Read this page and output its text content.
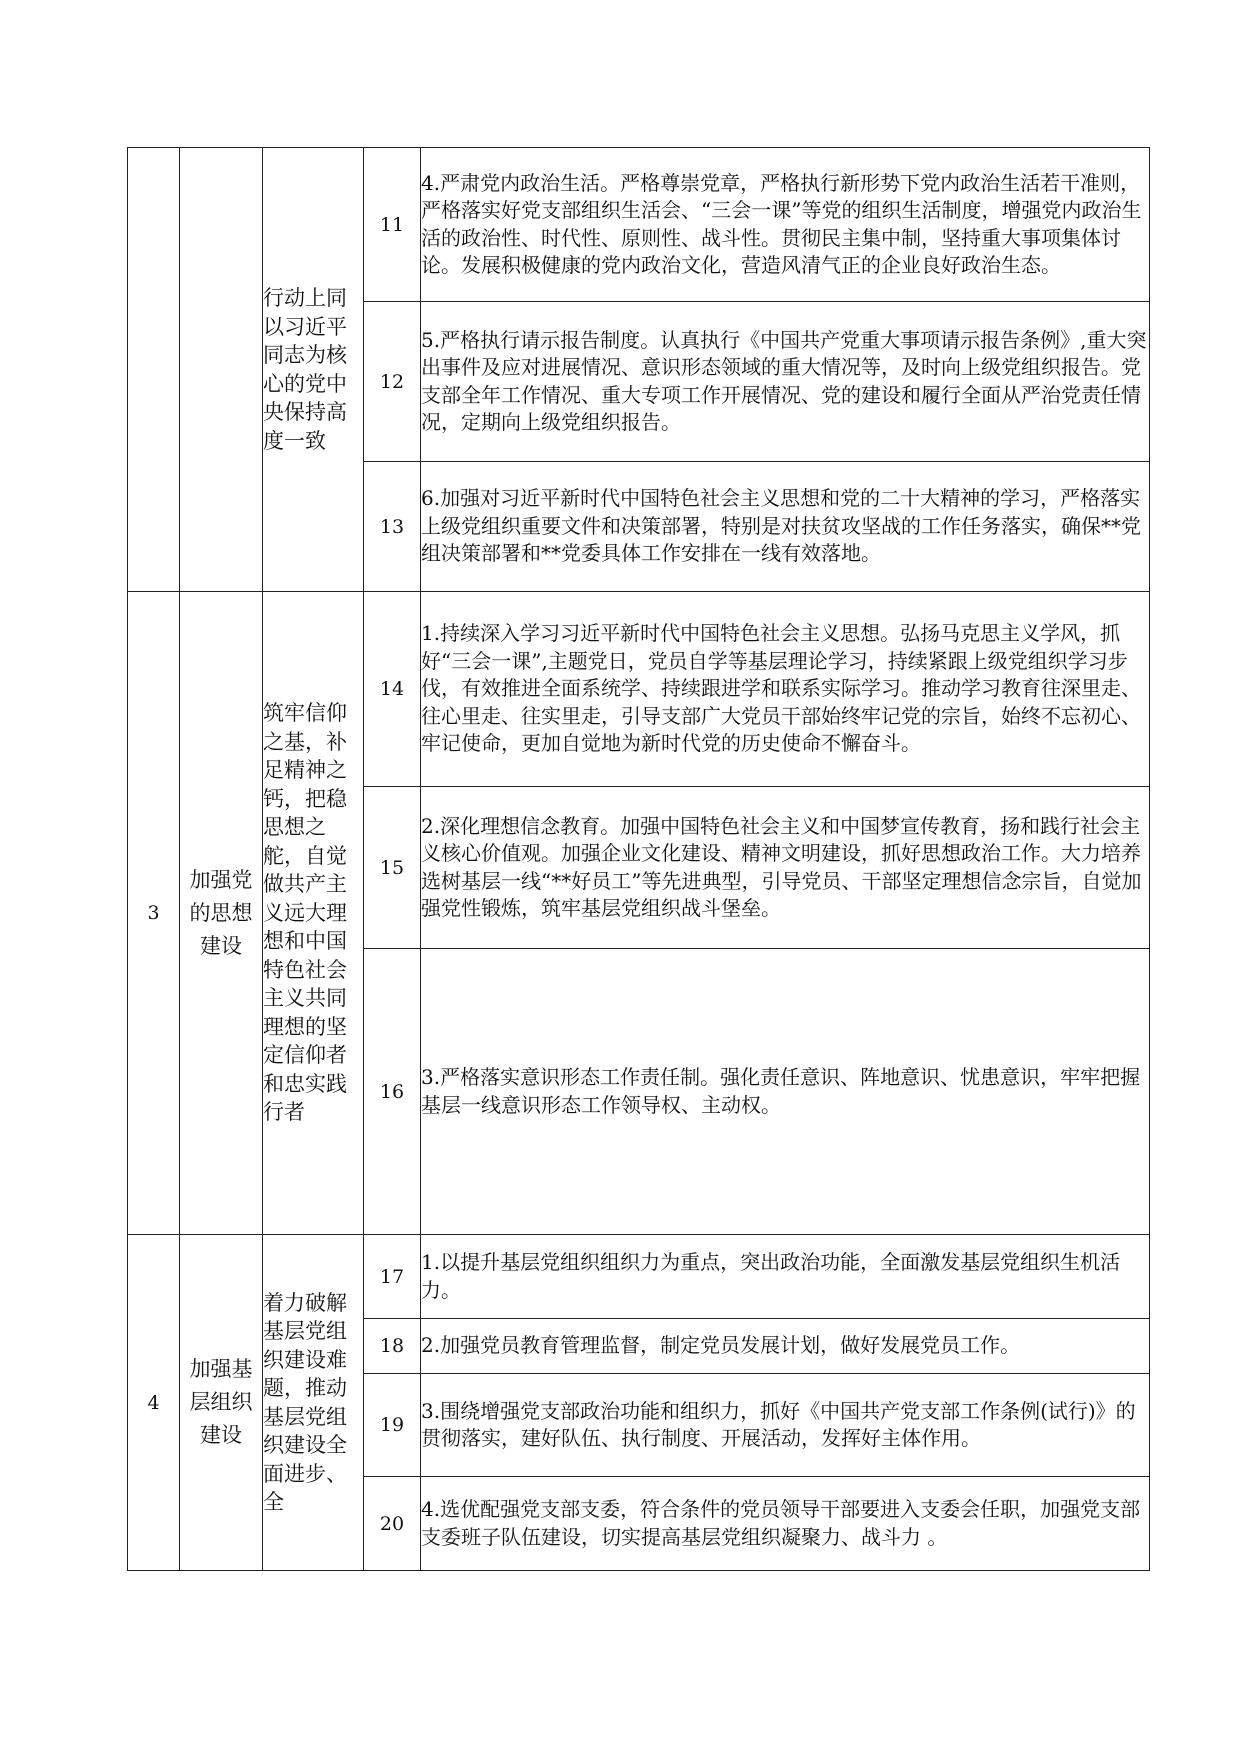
		行动上同以习近平同志为核心的党中央保持高度一致	11	4.严肃党内政治生活。严格尊崇党章，严格执行新形势下党内政治生活若干准则，严格落实好党支部组织生活会、“三会一课”等党的组织生活制度，增强党内政治生活的政治性、时代性、原则性、战斗性。贯彻民主集中制，坚持重大事项集体讨论。发展积极健康的党内政治文化，营造风清气正的企业良好政治生态。
			12	5.严格执行请示报告制度。认真执行《中国共产党重大事项请示报告条例》,重大突出事件及应对进展情况、意识形态领域的重大情况等，及时向上级党组织报告。党支部全年工作情况、重大专项工作开展情况、党的建设和履行全面从严治党责任情况，定期向上级党组织报告。
			13	6.加强对习近平新时代中国特色社会主义思想和党的二十大精神的学习，严格落实上级党组织重要文件和决策部署，特别是对扶贫攻坚战的工作任务落实，确保**党组决策部署和**党委具体工作安排在一线有效落地。
3	加强党的思想建设	筑牢信仰之基，补足精神之钙，把稳思想之舵，自觉做共产主义远大理想和中国特色社会主义共同理想的坚定信仰者和忠实践行者	14	1.持续深入学习习近平新时代中国特色社会主义思想。弘扬马克思主义学风，抓好“三会一课”,主题党日，党员自学等基层理论学习，持续紧跟上级党组织学习步伐，有效推进全面系统学、持续跟进学和联系实际学习。推动学习教育往深里走、往心里走、往实里走，引导支部广大党员干部始终牢记党的宗旨，始终不忘初心、牢记使命，更加自觉地为新时代党的历史使命不懈奋斗。
			15	2.深化理想信念教育。加强中国特色社会主义和中国梦宣传教育，扬和践行社会主义核心价值观。加强企业文化建设、精神文明建设，抓好思想政治工作。大力培养选树基层一线“**好员工”等先进典型，引导党员、干部坚定理想信念宗旨，自觉加强党性锻炼，筑牢基层党组织战斗堡垒。
			16	3.严格落实意识形态工作责任制。强化责任意识、阵地意识、忧患意识，牢牢把握基层一线意识形态工作领导权、主动权。
4	加强基层组织建设	着力破解基层党组织建设难题，推动基层党组织建设全面进步、全	17	1.以提升基层党组织组织力为重点，突出政治功能，全面激发基层党组织生机活力。
			18	2.加强党员教育管理监督，制定党员发展计划，做好发展党员工作。
			19	3.围绕增强党支部政治功能和组织力，抓好《中国共产党支部工作条例(试行)》的贯彻落实，建好队伍、执行制度、开展活动，发挥好主体作用。
			20	4.选优配强党支部支委，符合条件的党员领导干部要进入支委会任职，加强党支部支委班子队伍建设，切实提高基层党组织凝聚力、战斗力 。
